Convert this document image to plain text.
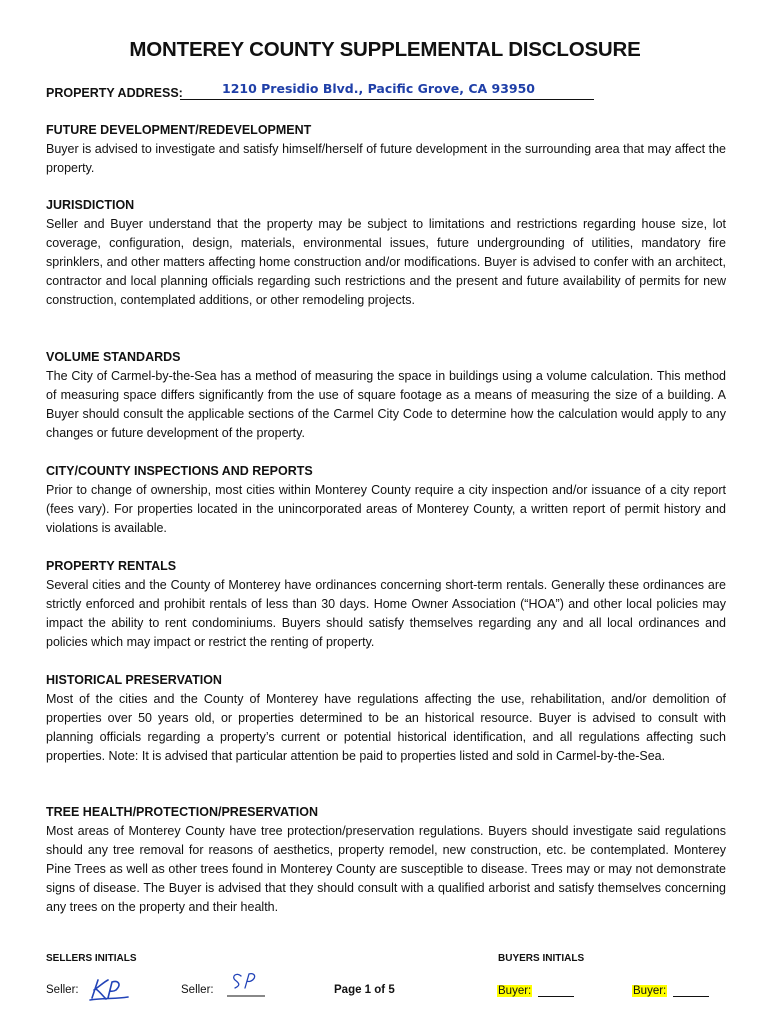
MONTEREY COUNTY SUPPLEMENTAL DISCLOSURE
PROPERTY ADDRESS:	1210 Presidio Blvd., Pacific Grove, CA 93950
FUTURE DEVELOPMENT/REDEVELOPMENT
Buyer is advised to investigate and satisfy himself/herself of future development in the surrounding area that may affect the property.
JURISDICTION
Seller and Buyer understand that the property may be subject to limitations and restrictions regarding house size, lot coverage, configuration, design, materials, environmental issues, future undergrounding of utilities, mandatory fire sprinklers, and other matters affecting home construction and/or modifications. Buyer is advised to confer with an architect, contractor and local planning officials regarding such restrictions and the present and future availability of permits for new construction, contemplated additions, or other remodeling projects.
VOLUME STANDARDS
The City of Carmel-by-the-Sea has a method of measuring the space in buildings using a volume calculation. This method of measuring space differs significantly from the use of square footage as a means of measuring the size of a building. A Buyer should consult the applicable sections of the Carmel City Code to determine how the calculation would apply to any changes or future development of the property.
CITY/COUNTY INSPECTIONS AND REPORTS
Prior to change of ownership, most cities within Monterey County require a city inspection and/or issuance of a city report (fees vary). For properties located in the unincorporated areas of Monterey County, a written report of permit history and violations is available.
PROPERTY RENTALS
Several cities and the County of Monterey have ordinances concerning short-term rentals. Generally these ordinances are strictly enforced and prohibit rentals of less than 30 days. Home Owner Association (“HOA”) and other local policies may impact the ability to rent condominiums. Buyers should satisfy themselves regarding any and all local ordinances and policies which may impact or restrict the renting of property.
HISTORICAL PRESERVATION
Most of the cities and the County of Monterey have regulations affecting the use, rehabilitation, and/or demolition of properties over 50 years old, or properties determined to be an historical resource. Buyer is advised to consult with planning officials regarding a property’s current or potential historical identification, and all regulations affecting such properties. Note: It is advised that particular attention be paid to properties listed and sold in Carmel-by-the-Sea.
TREE HEALTH/PROTECTION/PRESERVATION
Most areas of Monterey County have tree protection/preservation regulations. Buyers should investigate said regulations should any tree removal for reasons of aesthetics, property remodel, new construction, etc. be contemplated. Monterey Pine Trees as well as other trees found in Monterey County are susceptible to disease. Trees may or may not demonstrate signs of disease. The Buyer is advised that they should consult with a qualified arborist and satisfy themselves concerning any trees on the property and their health.
SELLERS INITIALS	BUYERS INITIALS
Seller:	Seller:	Page 1 of 5	Buyer:	Buyer:
